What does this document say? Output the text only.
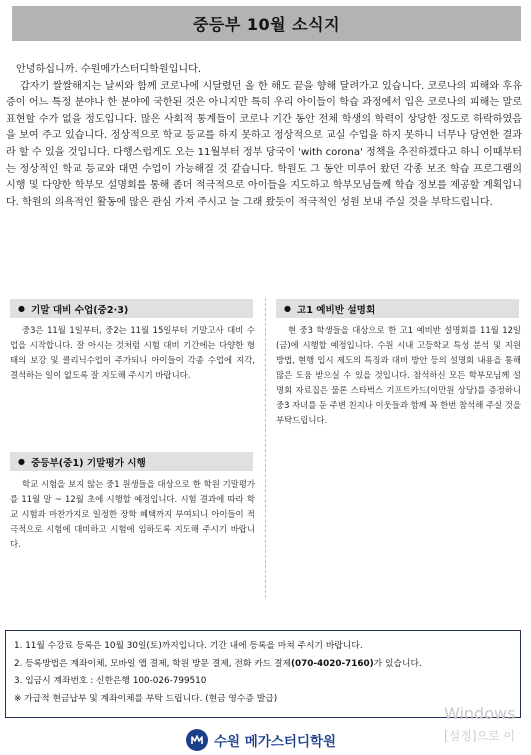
중등부 10월 소식지

안녕하십니까. 수원메가스터디학원입니다.

갑자기 쌀쌀해지는 날씨와 함께 코로나에 시달렸던 올 한 해도 끝을 향해 달려가고 있습니다. 코로나의 피해와 후유증이 어느 특정 분야나 한 분야에 국한된 것은 아니지만 특히 우리 아이들이 학습 과정에서 입은 코로나의 피해는 말로 표현할 수가 없을 정도입니다. 많은 사회적 통계들이 코로나 기간 동안 전체 학생의 학력이 상당한 정도로 하락하였음을 보여 주고 있습니다. 정상적으로 학교 등교를 하지 못하고 정상적으로 교실 수업을 하지 못하니 너무나 당연한 결과라 할 수 있을 것입니다. 다행스럽게도 오는 11월부터 정부 당국이 'with corona' 정책을 추진하겠다고 하니 이때부터는 정상적인 학교 등교와 대면 수업이 가능해질 것 같습니다. 학원도 그 동안 미루어 왔던 각종 보조 학습 프로그램의 시행 및 다양한 학부모 설명회를 통해 좀더 적극적으로 아이들을 지도하고 학부모님들께 학습 정보를 제공할 계획입니다. 학원의 의욕적인 활동에 많은 관심 가져 주시고 늘 그래 왔듯이 적극적인 성원 보내 주실 것을 부탁드립니다.

● 기말 대비 수업(중2·3)
중3은 11월 1일부터, 중2는 11월 15일부터 기말고사 대비 수업을 시작합니다. 잘 아시는 것처럼 시험 대비 기간에는 다양한 형태의 보강 및 클리닉수업이 주가되니 아이들이 각종 수업에 지각, 결석하는 일이 없도록 잘 지도해 주시기 바랍니다.
● 고1 예비반 설명회
현 중3 학생들을 대상으로 한 고1 예비반 설명회를 11월 12일(금)에 시행할 예정입니다. 수원 시내 고등학교 특성 분석 및 지원 방법, 현행 입시 제도의 특징과 대비 방안 등의 설명회 내용을 통해 많은 도움 받으실 수 있을 것입니다. 참석하신 모든 학부모님께 설명회 자료집은 물론 스타벅스 기프트카드(이만원 상당)를 증정하니 중3 자녀를 둔 주변 친지나 이웃들과 함께 꼭 한번 참석해 주실 것을 부탁드립니다.
● 중등부(중1) 기말평가 시행
학교 시험을 보지 않는 중1 원생들을 대상으로 한 학원 기말평가를 11월 말 ~ 12월 초에 시행할 예정입니다. 시험 결과에 따라 학교 시험과 마찬가지로 일정한 장학 혜택까지 부여되니 아이들이 적극적으로 시험에 대비하고 시험에 임하도록 지도해 주시기 바랍니다.
1. 11월 수강료 등록은 10월 30일(토)까지입니다. 기간 내에 등록을 마쳐 주시기 바랍니다.
2. 등록방법은 계좌이체, 모바일 앱 결제, 학원 방문 결제, 전화 카드 결제(070-4020-7160)가 있습니다.
3. 입금시 계좌번호 : 신한은행 100-026-799510
※ 가급적 현금납부 및 계좌이체를 부탁 드립니다. (현금 영수증 발급)
수원 메가스터디학원
Windows
[설정]으로 이
